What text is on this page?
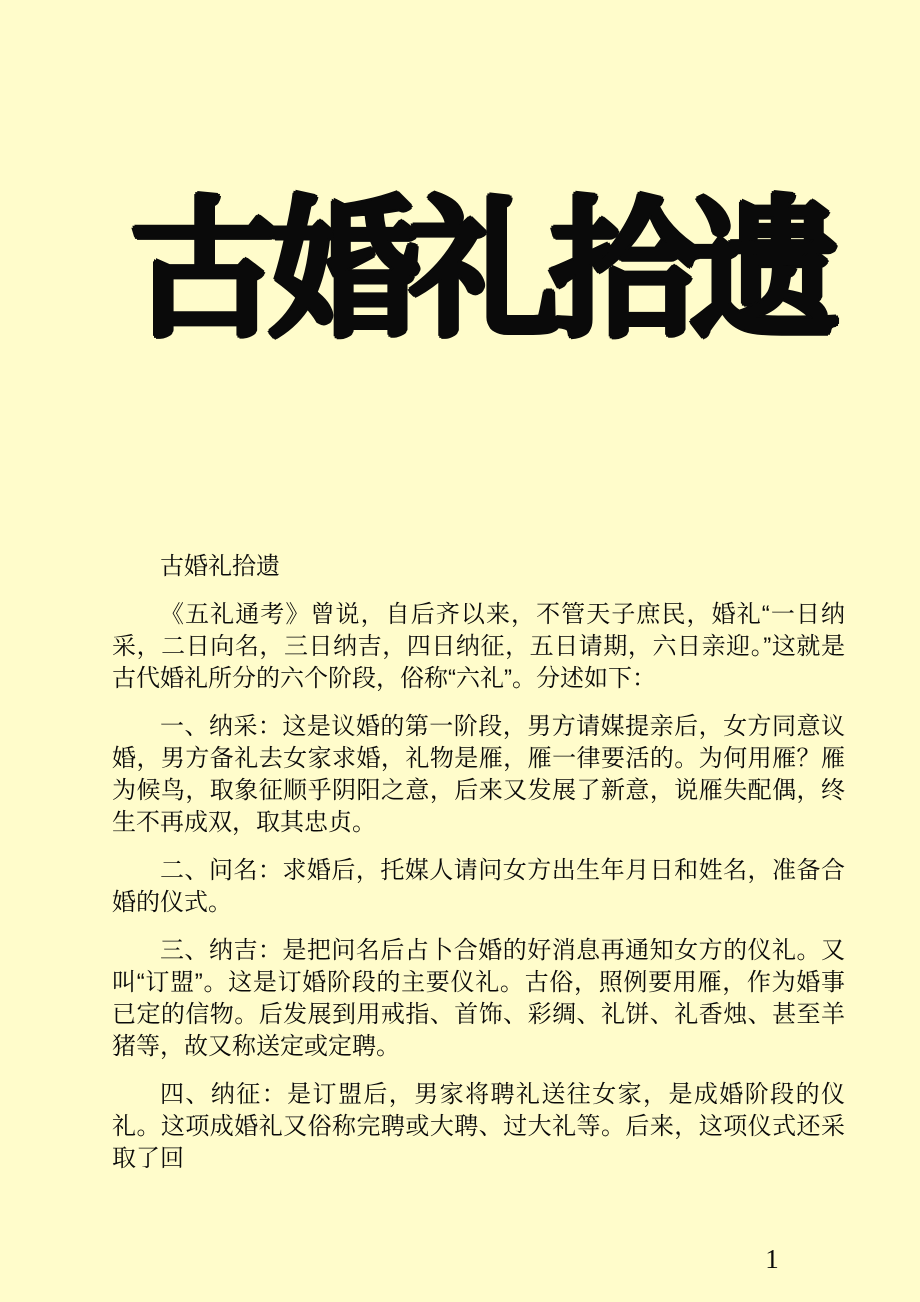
古婚礼拾遗

古婚礼拾遗

《五礼通考》曾说，自后齐以来，不管天子庶民，婚礼“一日纳采，二日向名，三日纳吉，四日纳征，五日请期，六日亲迎。”这就是古代婚礼所分的六个阶段，俗称“六礼”。分述如下：

一、纳采：这是议婚的第一阶段，男方请媒提亲后，女方同意议婚，男方备礼去女家求婚，礼物是雁，雁一律要活的。为何用雁？雁为候鸟，取象征顺乎阴阳之意，后来又发展了新意，说雁失配偶，终生不再成双，取其忠贞。

二、问名：求婚后，托媒人请问女方出生年月日和姓名，准备合婚的仪式。

三、纳吉：是把问名后占卜合婚的好消息再通知女方的仪礼。又叫“订盟”。这是订婚阶段的主要仪礼。古俗，照例要用雁，作为婚事已定的信物。后发展到用戒指、首饰、彩绸、礼饼、礼香烛、甚至羊猪等，故又称送定或定聘。

四、纳征：是订盟后，男家将聘礼送往女家，是成婚阶段的仪礼。这项成婚礼又俗称完聘或大聘、过大礼等。后来，这项仪式还采取了回

1
